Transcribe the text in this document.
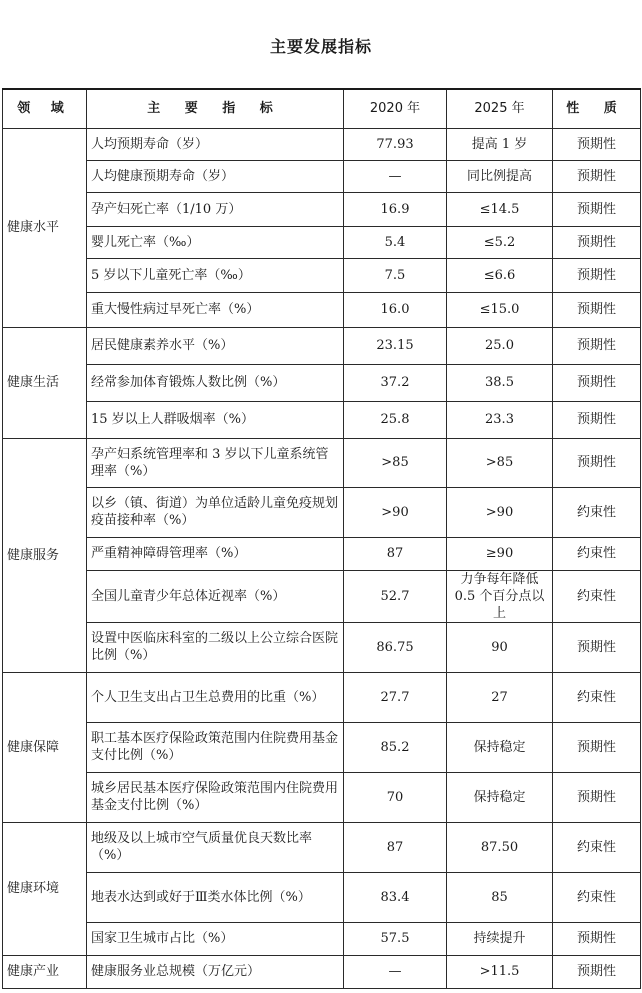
主要发展指标
领 域	主 要 指 标	2020 年	2025 年	性 质
健康水平	人均预期寿命（岁）	77.93	提高 1 岁	预期性
	人均健康预期寿命（岁）	—	同比例提高	预期性
	孕产妇死亡率（1/10 万）	16.9	≤14.5	预期性
	婴儿死亡率（‰）	5.4	≤5.2	预期性
	5 岁以下儿童死亡率（‰）	7.5	≤6.6	预期性
	重大慢性病过早死亡率（%）	16.0	≤15.0	预期性
健康生活	居民健康素养水平（%）	23.15	25.0	预期性
	经常参加体育锻炼人数比例（%）	37.2	38.5	预期性
	15 岁以上人群吸烟率（%）	25.8	23.3	预期性
健康服务	孕产妇系统管理率和 3 岁以下儿童系统管理率（%）	>85	>85	预期性
	以乡（镇、街道）为单位适龄儿童免疫规划疫苗接种率（%）	>90	>90	约束性
	严重精神障碍管理率（%）	87	≥90	约束性
	全国儿童青少年总体近视率（%）	52.7	力争每年降低 0.5 个百分点以上	约束性
	设置中医临床科室的二级以上公立综合医院比例（%）	86.75	90	预期性
健康保障	个人卫生支出占卫生总费用的比重（%）	27.7	27	约束性
	职工基本医疗保险政策范围内住院费用基金支付比例（%）	85.2	保持稳定	预期性
	城乡居民基本医疗保险政策范围内住院费用基金支付比例（%）	70	保持稳定	预期性
健康环境	地级及以上城市空气质量优良天数比率（%）	87	87.50	约束性
	地表水达到或好于Ⅲ类水体比例（%）	83.4	85	约束性
	国家卫生城市占比（%）	57.5	持续提升	预期性
健康产业	健康服务业总规模（万亿元）	—	>11.5	预期性
